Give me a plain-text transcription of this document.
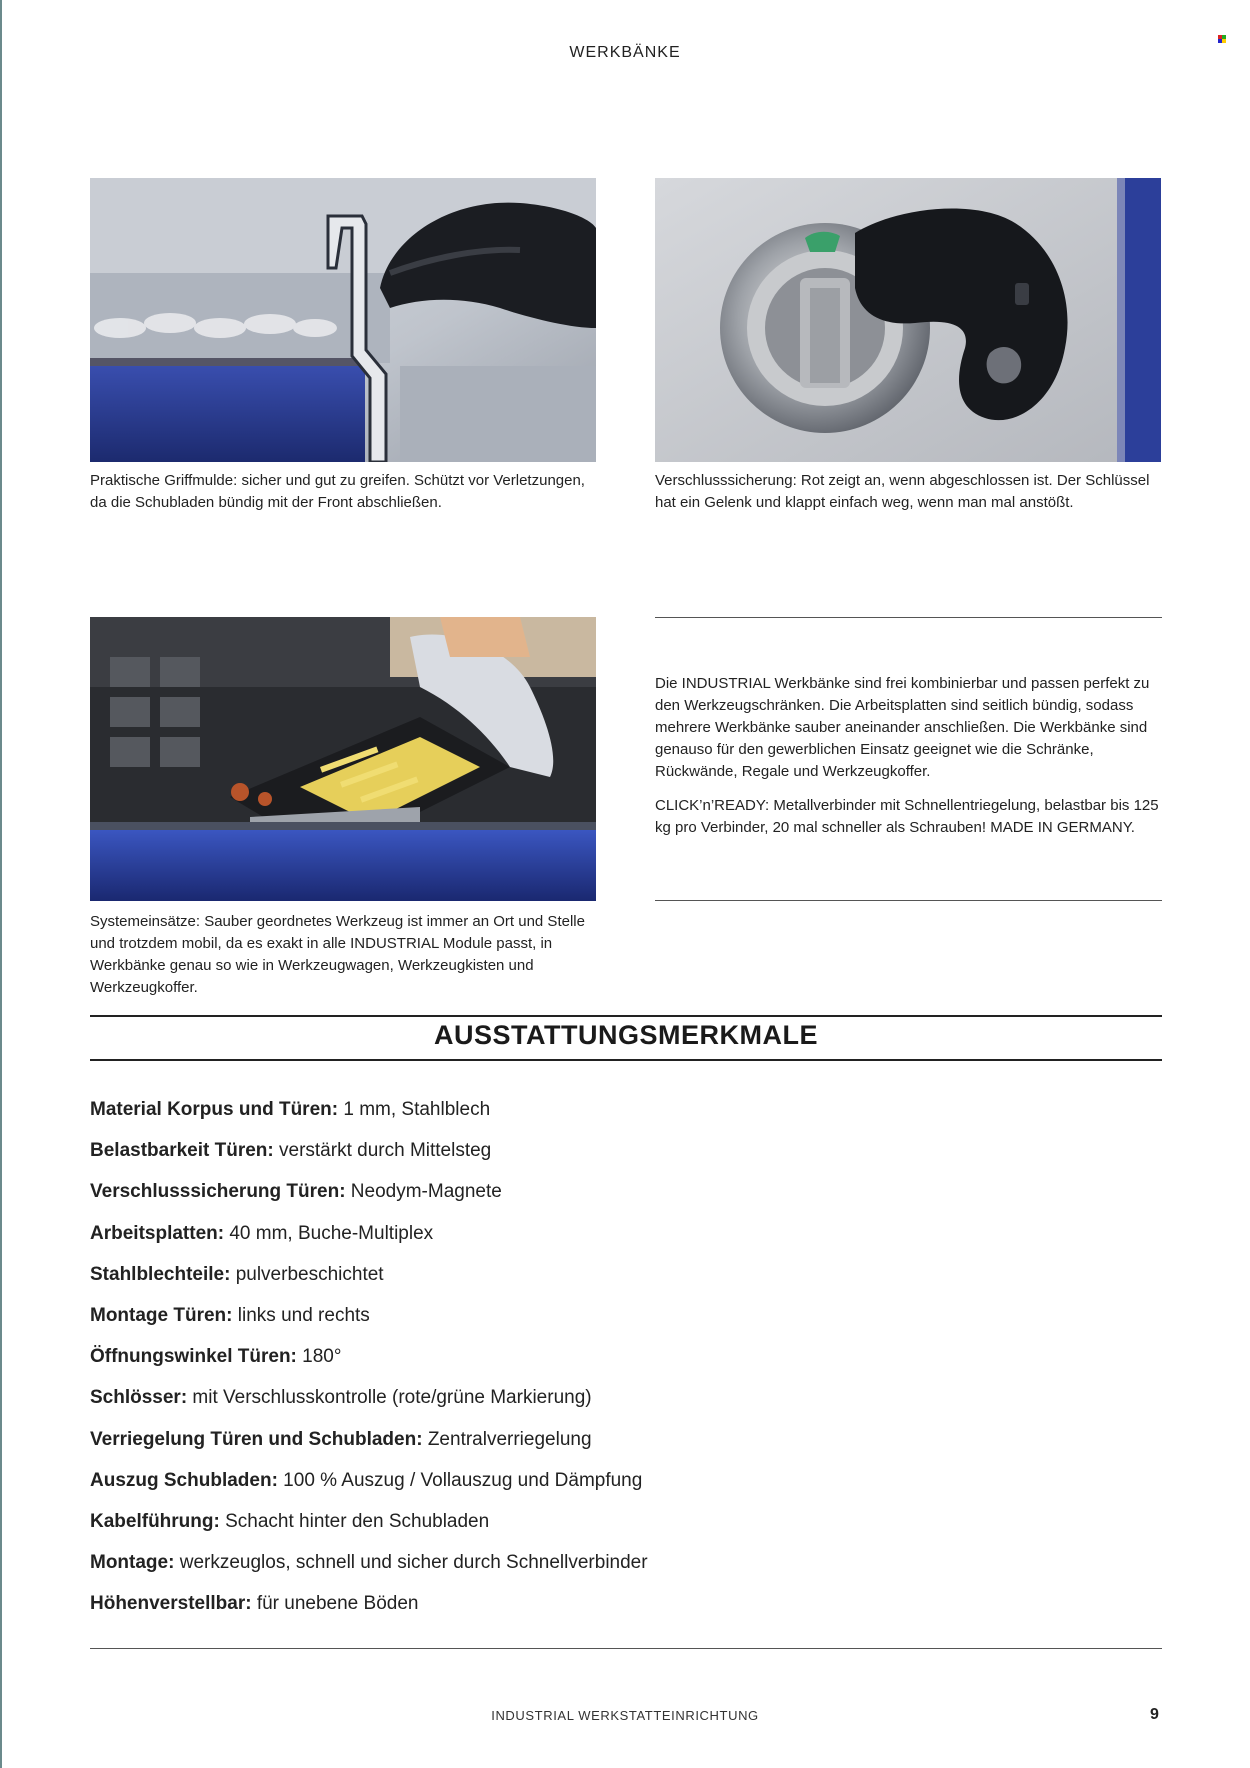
WERKBÄNKE
Praktische Griffmulde: sicher und gut zu greifen. Schützt vor Verletzungen, da die Schubladen bündig mit der Front abschließen.
Verschlusssicherung: Rot zeigt an, wenn abgeschlossen ist. Der Schlüssel hat ein Gelenk und klappt einfach weg, wenn man mal anstößt.
Systemeinsätze: Sauber geordnetes Werkzeug ist immer an Ort und Stelle und trotzdem mobil, da es exakt in alle INDUSTRIAL Module passt, in Werkbänke genau so wie in Werkzeugwagen, Werkzeugkisten und Werkzeugkoffer.

Die INDUSTRIAL Werkbänke sind frei kombinierbar und passen perfekt zu den Werkzeugschränken. Die Arbeitsplatten sind seitlich bündig, sodass mehrere Werkbänke sauber aneinander anschließen. Die Werkbänke sind genauso für den gewerblichen Einsatz geeignet wie die Schränke, Rückwände, Regale und Werkzeugkoffer.

CLICK’n’READY: Metallverbinder mit Schnellentriegelung, belastbar bis 125 kg pro Verbinder, 20 mal schneller als Schrauben! MADE IN GERMANY.

AUSSTATTUNGSMERKMALE
Material Korpus und Türen: 1 mm, Stahlblech
Belastbarkeit Türen: verstärkt durch Mittelsteg
Verschlusssicherung Türen: Neodym-Magnete
Arbeitsplatten: 40 mm, Buche-Multiplex
Stahlblechteile: pulverbeschichtet
Montage Türen: links und rechts
Öffnungswinkel Türen: 180°
Schlösser: mit Verschlusskontrolle (rote/grüne Markierung)
Verriegelung Türen und Schubladen: Zentralverriegelung
Auszug Schubladen: 100 % Auszug / Vollauszug und Dämpfung
Kabelführung: Schacht hinter den Schubladen
Montage: werkzeuglos, schnell und sicher durch Schnellverbinder
Höhenverstellbar: für unebene Böden
INDUSTRIAL WERKSTATTEINRICHTUNG	9
